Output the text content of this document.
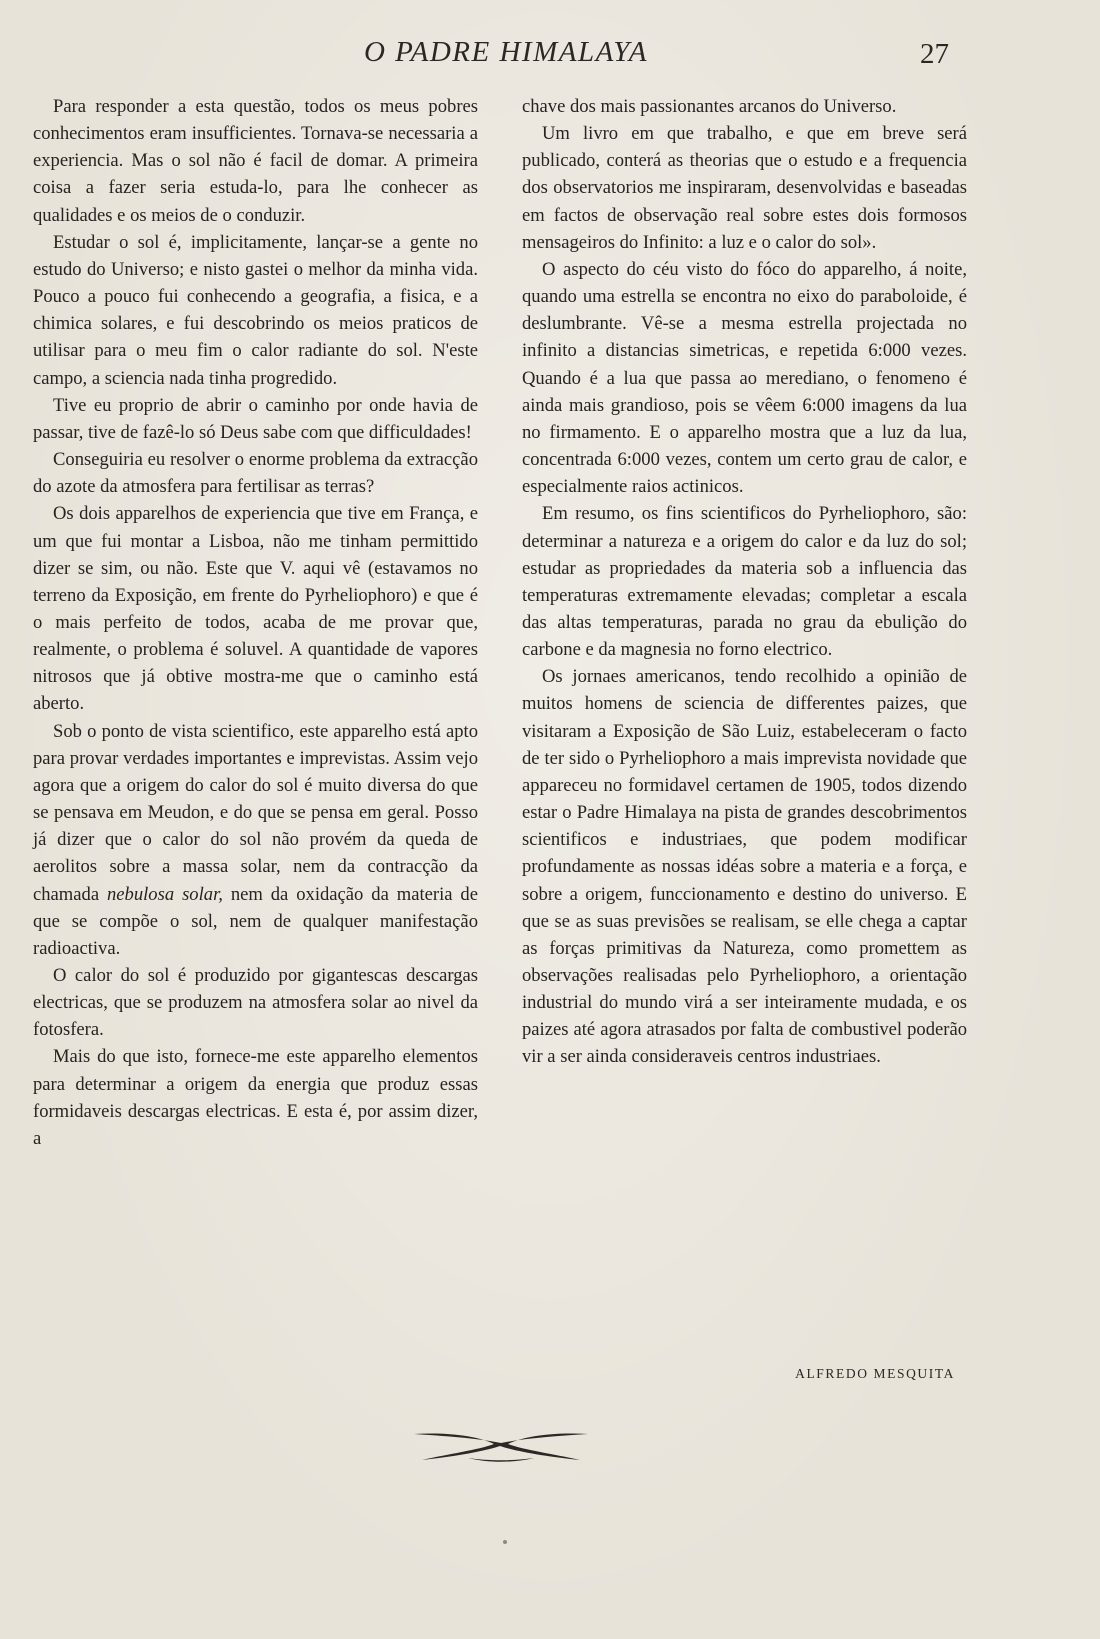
O PADRE HIMALAYA	27

Para responder a esta questão, todos os meus pobres conhecimentos eram insufficientes. Tornava-se necessaria a experiencia. Mas o sol não é facil de domar. A primeira coisa a fazer seria estuda-lo, para lhe conhecer as qualidades e os meios de o conduzir.

Estudar o sol é, implicitamente, lançar-se a gente no estudo do Universo; e nisto gastei o melhor da minha vida. Pouco a pouco fui conhecendo a geografia, a fisica, e a chimica solares, e fui descobrindo os meios praticos de utilisar para o meu fim o calor radiante do sol. N'este campo, a sciencia nada tinha progredido.

Tive eu proprio de abrir o caminho por onde havia de passar, tive de fazê-lo só Deus sabe com que difficuldades!

Conseguiria eu resolver o enorme problema da extracção do azote da atmosfera para fertilisar as terras?

Os dois apparelhos de experiencia que tive em França, e um que fui montar a Lisboa, não me tinham permittido dizer se sim, ou não. Este que V. aqui vê (estavamos no terreno da Exposição, em frente do Pyrheliophoro) e que é o mais perfeito de todos, acaba de me provar que, realmente, o problema é soluvel. A quantidade de vapores nitrosos que já obtive mostra-me que o caminho está aberto.

Sob o ponto de vista scientifico, este apparelho está apto para provar verdades importantes e imprevistas. Assim vejo agora que a origem do calor do sol é muito diversa do que se pensava em Meudon, e do que se pensa em geral. Posso já dizer que o calor do sol não provém da queda de aerolitos sobre a massa solar, nem da contracção da chamada nebulosa solar, nem da oxidação da materia de que se compõe o sol, nem de qualquer manifestação radioactiva.

O calor do sol é produzido por gigantescas descargas electricas, que se produzem na atmosfera solar ao nivel da fotosfera.

Mais do que isto, fornece-me este apparelho elementos para determinar a origem da energia que produz essas formidaveis descargas electricas. E esta é, por assim dizer, a

chave dos mais passionantes arcanos do Universo.

Um livro em que trabalho, e que em breve será publicado, conterá as theorias que o estudo e a frequencia dos observatorios me inspiraram, desenvolvidas e baseadas em factos de observação real sobre estes dois formosos mensageiros do Infinito: a luz e o calor do sol».

O aspecto do céu visto do fóco do apparelho, á noite, quando uma estrella se encontra no eixo do paraboloide, é deslumbrante. Vê-se a mesma estrella projectada no infinito a distancias simetricas, e repetida 6:000 vezes. Quando é a lua que passa ao merediano, o fenomeno é ainda mais grandioso, pois se vêem 6:000 imagens da lua no firmamento. E o apparelho mostra que a luz da lua, concentrada 6:000 vezes, contem um certo grau de calor, e especialmente raios actinicos.

Em resumo, os fins scientificos do Pyrheliophoro, são: determinar a natureza e a origem do calor e da luz do sol; estudar as propriedades da materia sob a influencia das temperaturas extremamente elevadas; completar a escala das altas temperaturas, parada no grau da ebulição do carbone e da magnesia no forno electrico.

Os jornaes americanos, tendo recolhido a opinião de muitos homens de sciencia de differentes paizes, que visitaram a Exposição de São Luiz, estabeleceram o facto de ter sido o Pyrheliophoro a mais imprevista novidade que appareceu no formidavel certamen de 1905, todos dizendo estar o Padre Himalaya na pista de grandes descobrimentos scientificos e industriaes, que podem modificar profundamente as nossas idéas sobre a materia e a força, e sobre a origem, funccionamento e destino do universo. E que se as suas previsões se realisam, se elle chega a captar as forças primitivas da Natureza, como promettem as observações realisadas pelo Pyrheliophoro, a orientação industrial do mundo virá a ser inteiramente mudada, e os paizes até agora atrasados por falta de combustivel poderão vir a ser ainda consideraveis centros industriaes.

ALFREDO MESQUITA
